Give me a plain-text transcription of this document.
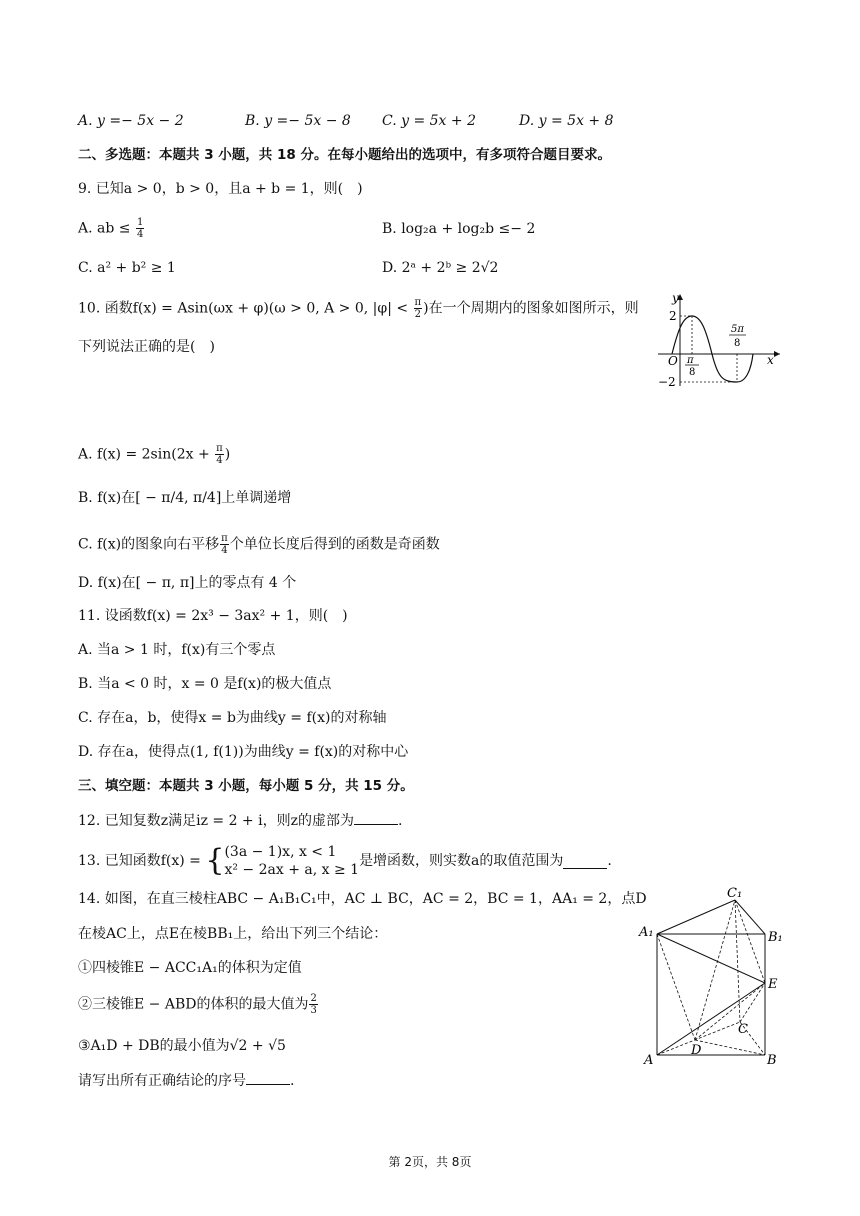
A. y =− 5x − 2	B. y =− 5x − 8 C. y = 5x + 2	D. y = 5x + 8
二、多选题：本题共 3 小题，共 18 分。在每小题给出的选项中，有多项符合题目要求。
9. 已知a > 0，b > 0，且a + b = 1，则(　)
A. ab ≤ $\frac{1}{4}$	B. log₂a + log₂b ≤− 2
C. a² + b² ≥ 1	D. 2ᵃ + 2ᵇ ≥ 2√2
10. 函数f(x) = Asin(ωx + φ)(ω > 0, A > 0, $|\varphi| < \frac{\pi}{2}$ )在一个周期内的图象如图所示，则
下列说法正确的是(　)
y
x
O
2
−2
π
8
5π
8
A. $f(x) = 2\sin(2x + \frac{\pi}{4}$ )
B. f(x)在[ − π/4, π/4]上单调递增
C. f(x)的图象向右平移 $\frac{\pi}{4}$ 个单位长度后得到的函数是奇函数
D. f(x)在[ − π, π]上的零点有 4 个
11. 设函数f(x) = 2x³ − 3ax² + 1，则(　)
A. 当a > 1 时，f(x)有三个零点
B. 当a < 0 时，x = 0 是f(x)的极大值点
C. 存在a，b，使得x = b为曲线y = f(x)的对称轴
D. 存在a，使得点(1, f(1))为曲线y = f(x)的对称中心
三、填空题：本题共 3 小题，每小题 5 分，共 15 分。
12. 已知复数z满足iz = 2 + i，则z的虚部为	.
13. 已知函数f(x) = { (3a − 1)x, x < 1
x² − 2ax + a, x ≥ 1
是增函数，则实数a的取值范围为	.
14. 如图，在直三棱柱ABC − A₁B₁C₁中，AC ⊥ BC，AC = 2，BC = 1，AA₁ = 2，点D
在棱AC上，点E在棱BB₁上，给出下列三个结论：
①四棱锥E − ACC₁A₁的体积为定值
②三棱锥E − ABD的体积的最大值为 $\frac{2}{3}$
③A₁D + DB的最小值为√2 + √5
请写出所有正确结论的序号	.
C₁
A₁	B₁
E
C
D
A	B
第 2页，共 8页
